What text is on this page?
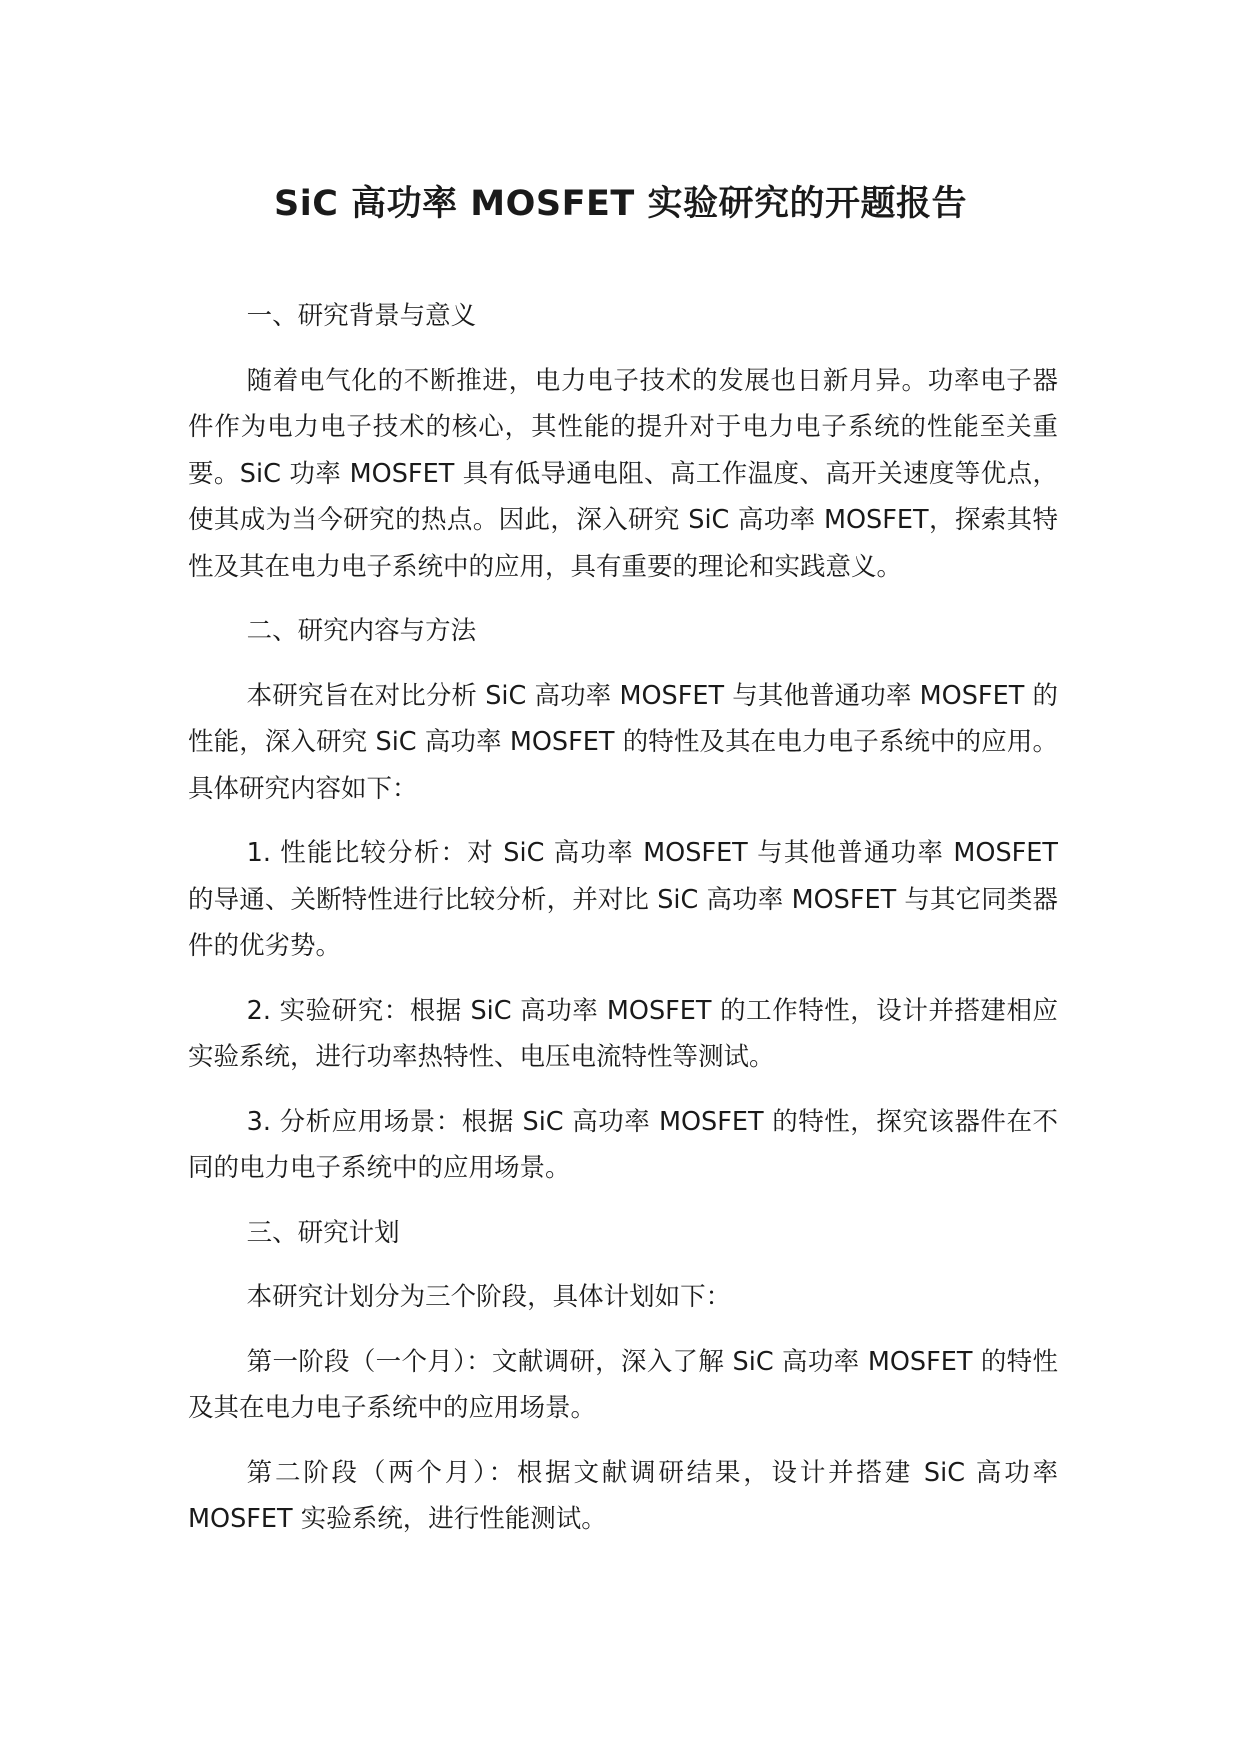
SiC 高功率 MOSFET 实验研究的开题报告

一、研究背景与意义

随着电气化的不断推进，电力电子技术的发展也日新月异。功率电子器件作为电力电子技术的核心，其性能的提升对于电力电子系统的性能至关重要。SiC 功率 MOSFET 具有低导通电阻、高工作温度、高开关速度等优点，使其成为当今研究的热点。因此，深入研究 SiC 高功率 MOSFET，探索其特性及其在电力电子系统中的应用，具有重要的理论和实践意义。

二、研究内容与方法

本研究旨在对比分析 SiC 高功率 MOSFET 与其他普通功率 MOSFET 的性能，深入研究 SiC 高功率 MOSFET 的特性及其在电力电子系统中的应用。具体研究内容如下：

1. 性能比较分析：对 SiC 高功率 MOSFET 与其他普通功率 MOSFET 的导通、关断特性进行比较分析，并对比 SiC 高功率 MOSFET 与其它同类器件的优劣势。

2. 实验研究：根据 SiC 高功率 MOSFET 的工作特性，设计并搭建相应实验系统，进行功率热特性、电压电流特性等测试。

3. 分析应用场景：根据 SiC 高功率 MOSFET 的特性，探究该器件在不同的电力电子系统中的应用场景。

三、研究计划

本研究计划分为三个阶段，具体计划如下：

第一阶段（一个月）：文献调研，深入了解 SiC 高功率 MOSFET 的特性及其在电力电子系统中的应用场景。

第二阶段（两个月）：根据文献调研结果，设计并搭建 SiC 高功率 MOSFET 实验系统，进行性能测试。
